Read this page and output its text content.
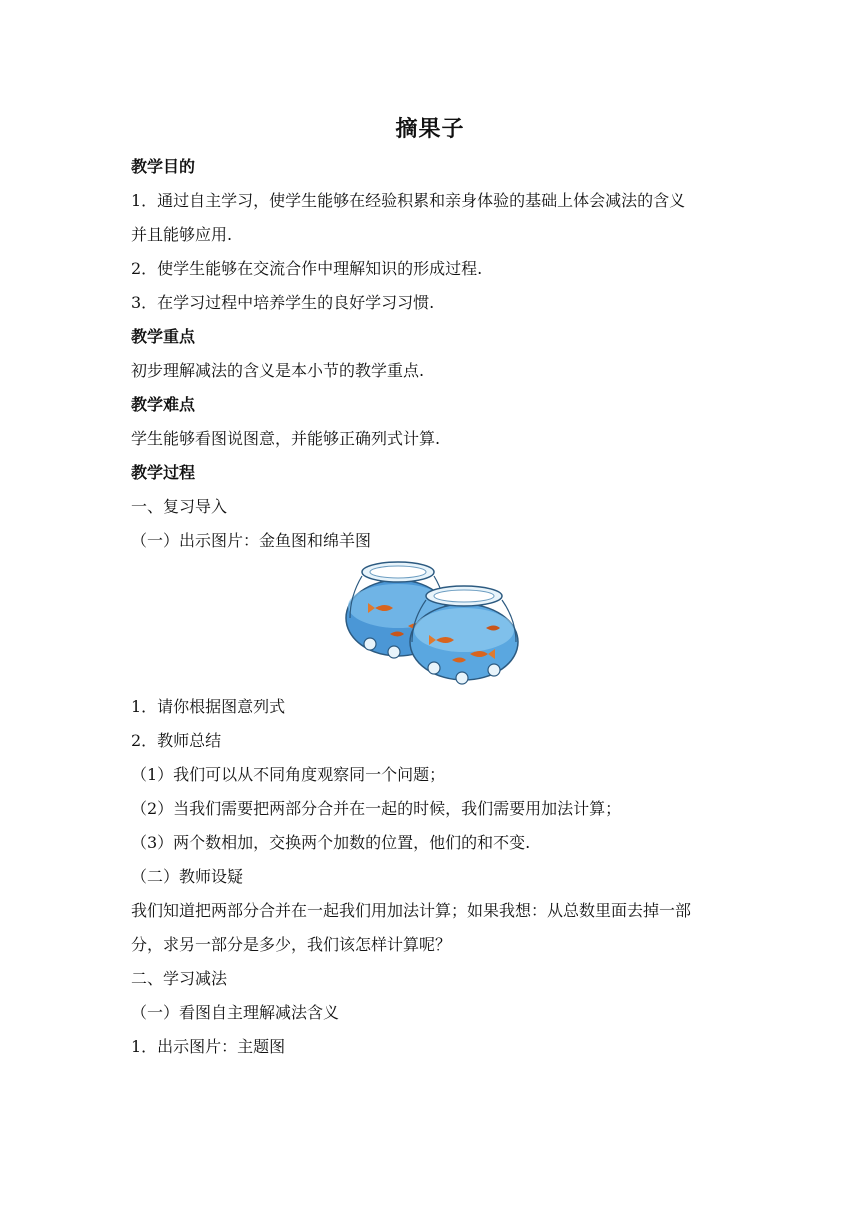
摘果子
教学目的
1．通过自主学习，使学生能够在经验积累和亲身体验的基础上体会减法的含义
并且能够应用.
2．使学生能够在交流合作中理解知识的形成过程.
3．在学习过程中培养学生的良好学习习惯.
教学重点
初步理解减法的含义是本小节的教学重点.
教学难点
学生能够看图说图意，并能够正确列式计算.
教学过程
一、复习导入
（一）出示图片：金鱼图和绵羊图
1．请你根据图意列式
2．教师总结
（1）我们可以从不同角度观察同一个问题；
（2）当我们需要把两部分合并在一起的时候，我们需要用加法计算；
（3）两个数相加，交换两个加数的位置，他们的和不变.
（二）教师设疑
我们知道把两部分合并在一起我们用加法计算；如果我想：从总数里面去掉一部
分，求另一部分是多少，我们该怎样计算呢？
二、学习减法
（一）看图自主理解减法含义
1．出示图片：主题图
